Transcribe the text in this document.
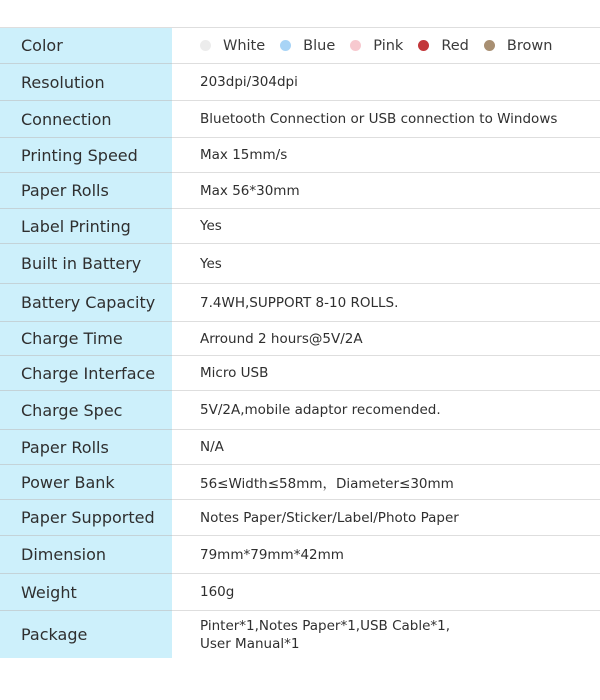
Color	White	Blue	Pink	Red	Brown
Resolution	203dpi/304dpi
Connection	Bluetooth Connection or USB connection to Windows
Printing Speed	Max 15mm/s
Paper Rolls	Max 56*30mm
Label Printing	Yes
Built in Battery	Yes
Battery Capacity	7.4WH,SUPPORT 8-10 ROLLS.
Charge Time	Arround 2 hours@5V/2A
Charge Interface	Micro USB
Charge Spec	5V/2A,mobile adaptor recomended.
Paper Rolls	N/A
Power Bank	56≤Width≤58mm，Diameter≤30mm
Paper Supported	Notes Paper/Sticker/Label/Photo Paper
Dimension	79mm*79mm*42mm
Weight	160g
Package	Pinter*1,Notes Paper*1,USB Cable*1,
User Manual*1
